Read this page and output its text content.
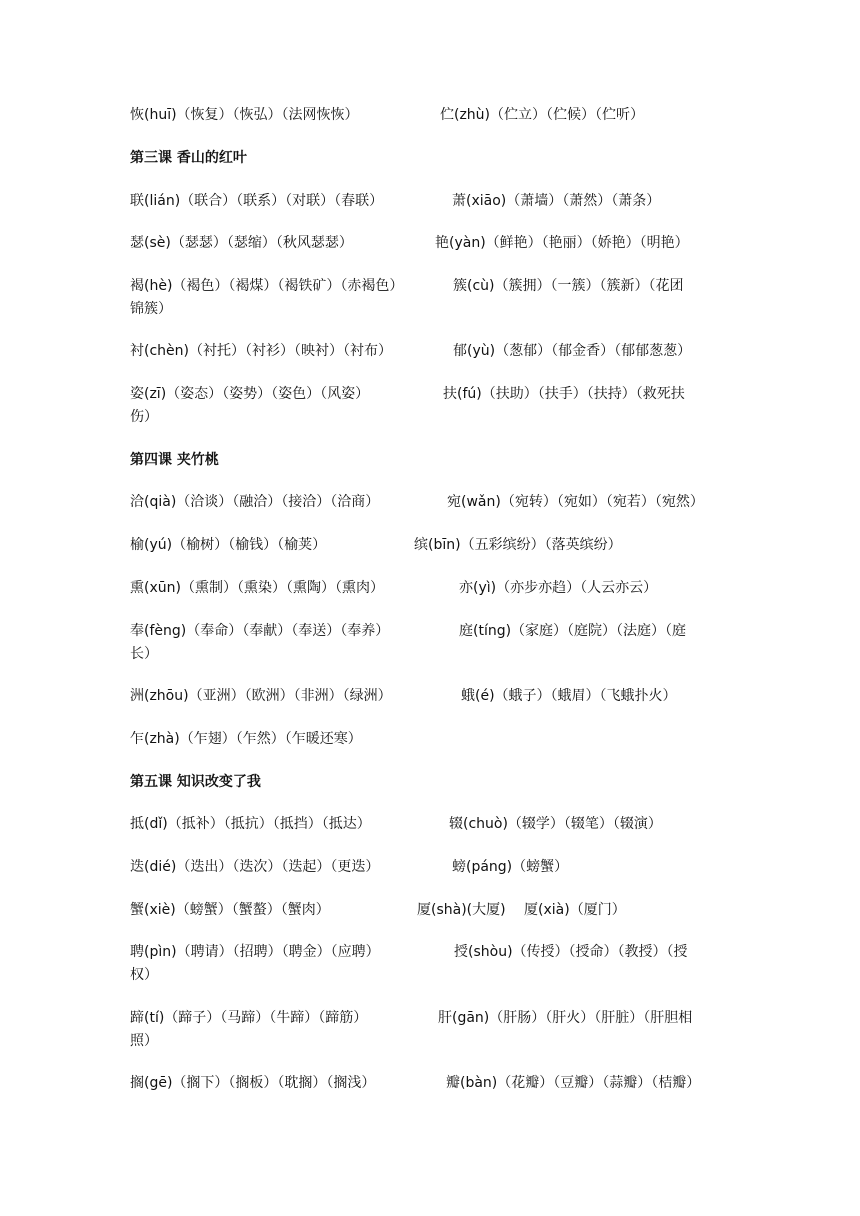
恢(huī)（恢复）（恢弘）（法网恢恢）	伫(zhù)（伫立）（伫候）（伫听）
第三课 香山的红叶
联(lián)（联合）（联系）（对联）（春联）	萧(xiāo)（萧墙）（萧然）（萧条）
瑟(sè)（瑟瑟）（瑟缩）（秋风瑟瑟）	艳(yàn)（鲜艳）（艳丽）（娇艳）（明艳）
褐(hè)（褐色）（褐煤）（褐铁矿）（赤褐色）	簇(cù)（簇拥）（一簇）（簇新）（花团
锦簇）
衬(chèn)（衬托）（衬衫）（映衬）（衬布）	郁(yù)（葱郁）（郁金香）（郁郁葱葱）
姿(zī)（姿态）（姿势）（姿色）（风姿）	扶(fú)（扶助）（扶手）（扶持）（救死扶
伤）
第四课 夹竹桃
洽(qià)（洽谈）（融洽）（接洽）（洽商）	宛(wǎn)（宛转）（宛如）（宛若）（宛然）
榆(yú)（榆树）（榆钱）（榆荚）	缤(bīn)（五彩缤纷）（落英缤纷）
熏(xūn)（熏制）（熏染）（熏陶）（熏肉）	亦(yì)（亦步亦趋）（人云亦云）
奉(fèng)（奉命）（奉献）（奉送）（奉养）	庭(tíng)（家庭）（庭院）（法庭）（庭
长）
洲(zhōu)（亚洲）（欧洲）（非洲）（绿洲）	蛾(é)（蛾子）（蛾眉）（飞蛾扑火）
乍(zhà)（乍翅）（乍然）（乍暖还寒）
第五课 知识改变了我
抵(dǐ)（抵补）（抵抗）（抵挡）（抵达）	辍(chuò)（辍学）（辍笔）（辍演）
迭(dié)（迭出）（迭次）（迭起）（更迭）	螃(páng)（螃蟹）
蟹(xiè)（螃蟹）（蟹螯）（蟹肉）	厦(shà)(大厦)　 厦(xià)（厦门）
聘(pìn)（聘请）（招聘）（聘金）（应聘）	授(shòu)（传授）（授命）（教授）（授
权）
蹄(tí)（蹄子）（马蹄）（牛蹄）（蹄筋）	肝(gān)（肝肠）（肝火）（肝脏）（肝胆相
照）
搁(gē)（搁下）（搁板）（耽搁）（搁浅）	瓣(bàn)（花瓣）（豆瓣）（蒜瓣）（桔瓣）
